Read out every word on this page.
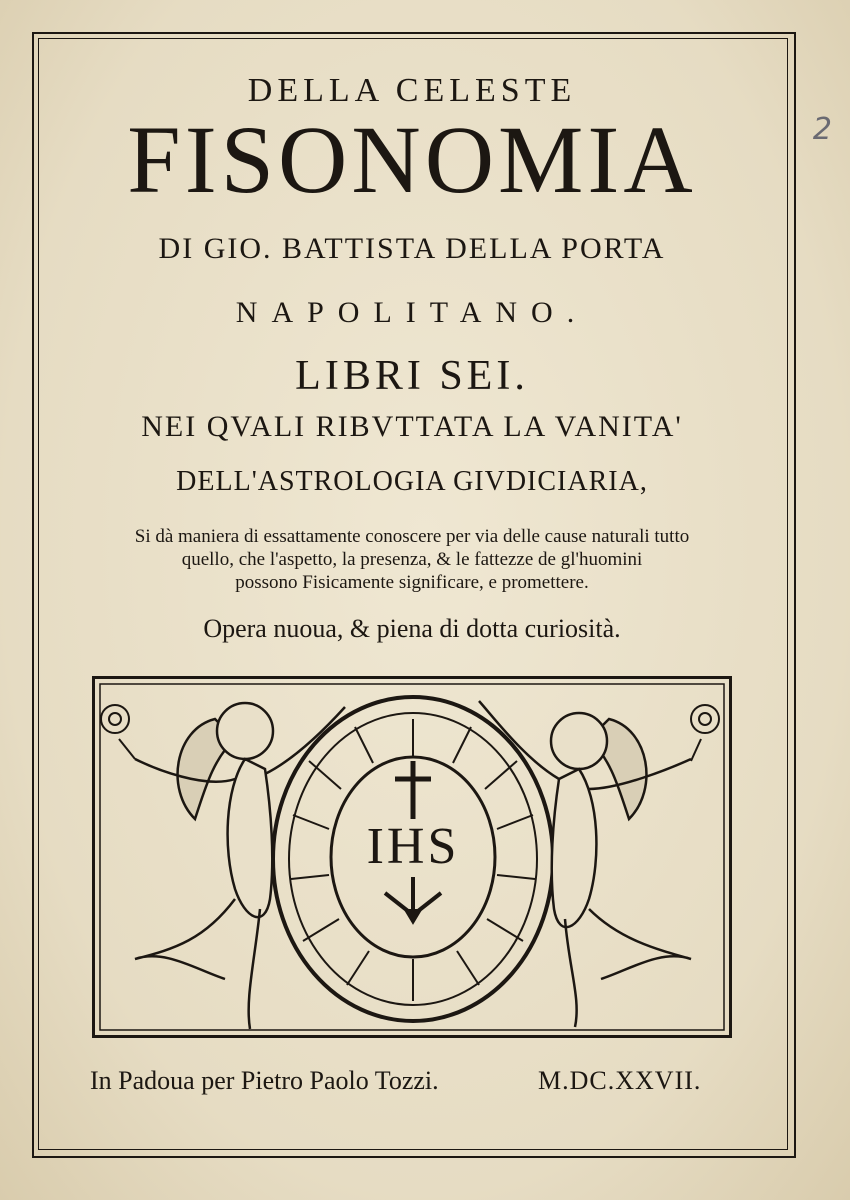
2
DELLA CELESTE
FISONOMIA
DI GIO. BATTISTA DELLA PORTA
NAPOLITANO.
LIBRI SEI.
NEI QVALI RIBVTTATA LA VANITA'
DELL'ASTROLOGIA GIVDICIARIA,
Si dà maniera di essattamente conoscere per via delle cause naturali tutto
quello, che l'aspetto, la presenza, & le fattezze de gl'huomini
possono Fisicamente significare, e promettere.
Opera nuoua, & piena di dotta curiosità.
IHS
In Padoua per Pietro Paolo Tozzi.	M.DC.XXVII.
